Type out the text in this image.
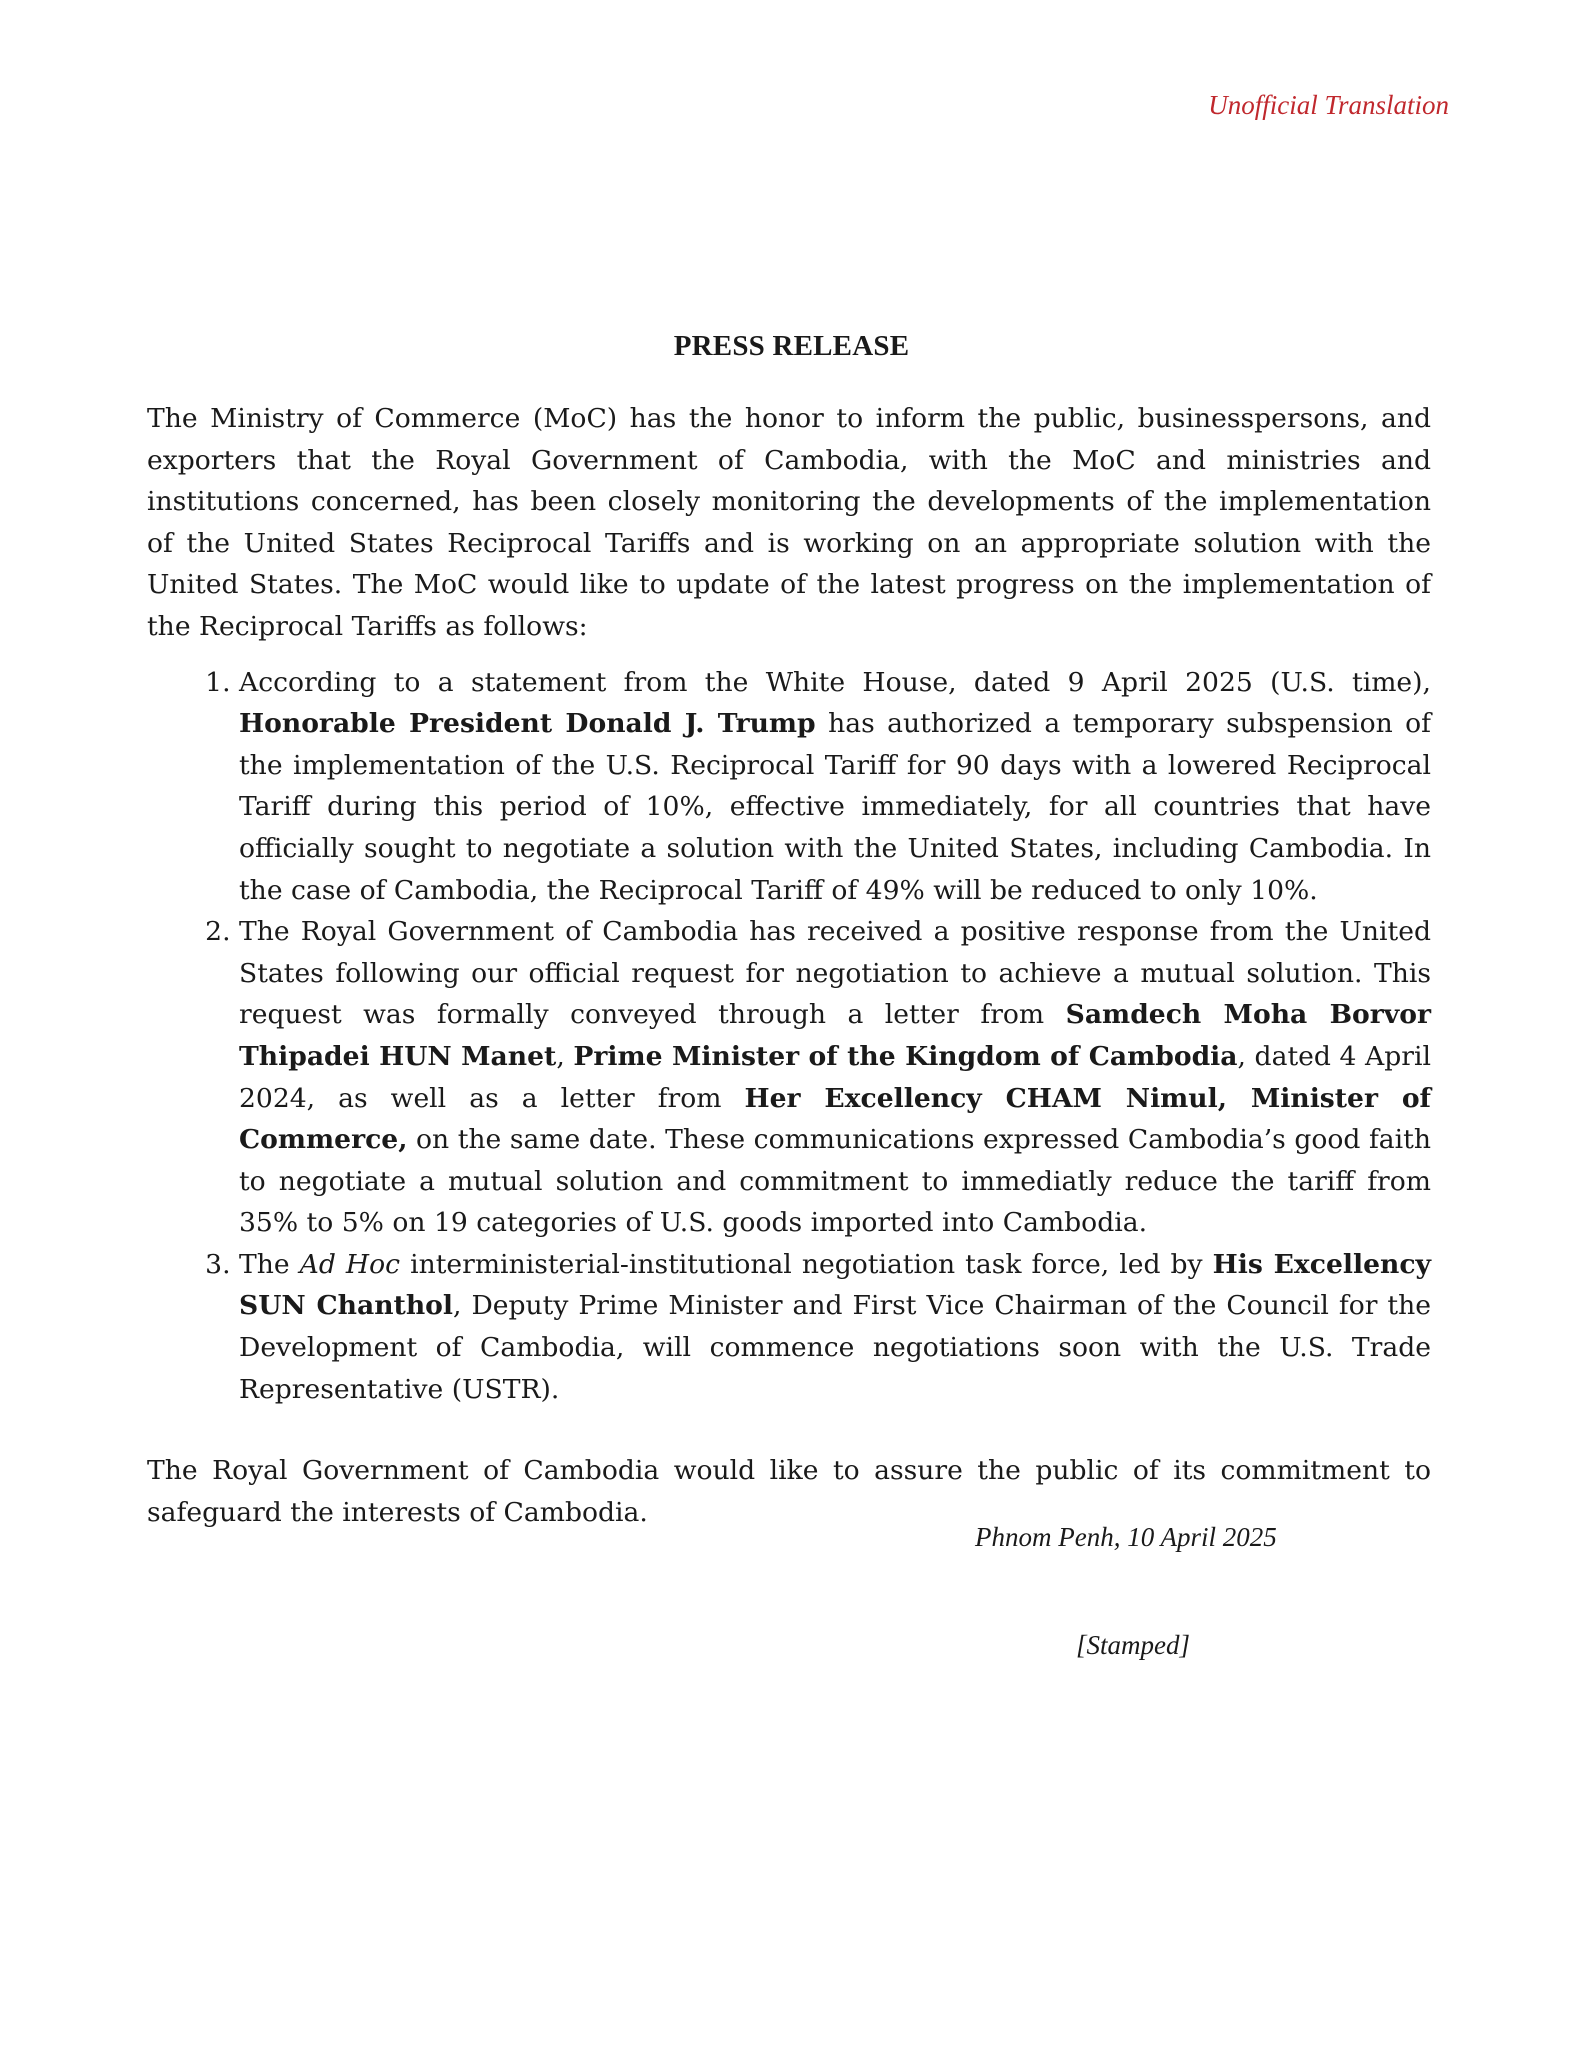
Unofficial Translation
PRESS RELEASE

The Ministry of Commerce (MoC) has the honor to inform the public, businesspersons, and exporters that the Royal Government of Cambodia, with the MoC and ministries and institutions concerned, has been closely monitoring the developments of the implementation of the United States Reciprocal Tariffs and is working on an appropriate solution with the United States. The MoC would like to update of the latest progress on the implementation of the Reciprocal Tariffs as follows:

1. According to a statement from the White House, dated 9 April 2025 (U.S. time), Honorable President Donald J. Trump has authorized a temporary subspension of the implementation of the U.S. Reciprocal Tariff for 90 days with a lowered Reciprocal Tariff during this period of 10%, effective immediately, for all countries that have officially sought to negotiate a solution with the United States, including Cambodia. In the case of Cambodia, the Reciprocal Tariff of 49% will be reduced to only 10%.
2. The Royal Government of Cambodia has received a positive response from the United States following our official request for negotiation to achieve a mutual solution. This request was formally conveyed through a letter from Samdech Moha Borvor Thipadei HUN Manet, Prime Minister of the Kingdom of Cambodia, dated 4 April 2024, as well as a letter from Her Excellency CHAM Nimul, Minister of Commerce, on the same date. These communications expressed Cambodia’s good faith to negotiate a mutual solution and commitment to immediatly reduce the tariff from 35% to 5% on 19 categories of U.S. goods imported into Cambodia.
3. The Ad Hoc interministerial-institutional negotiation task force, led by His Excellency SUN Chanthol, Deputy Prime Minister and First Vice Chairman of the Council for the Development of Cambodia, will commence negotiations soon with the U.S. Trade Representative (USTR).

The Royal Government of Cambodia would like to assure the public of its commitment to safeguard the interests of Cambodia.

Phnom Penh, 10 April 2025
[Stamped]
